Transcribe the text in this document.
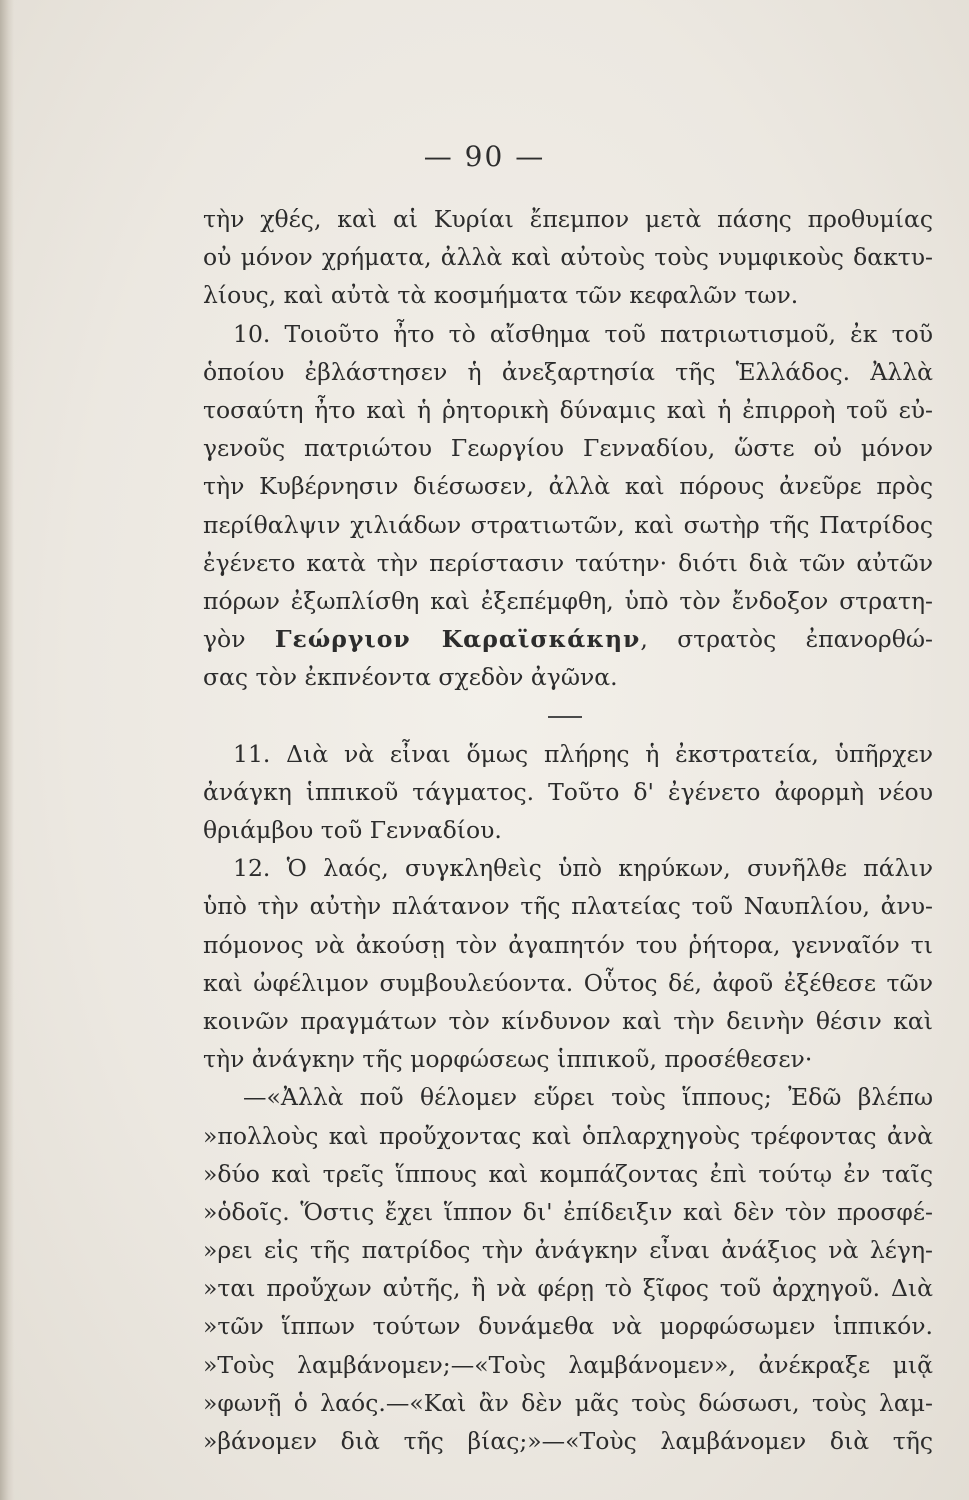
— 90 —
τὴν χθές, καὶ αἱ Κυρίαι ἔπεμπον μετὰ πάσης προθυμίας
οὐ μόνον χρήματα, ἀλλὰ καὶ αὐτοὺς τοὺς νυμφικοὺς δακτυ-
λίους, καὶ αὐτὰ τὰ κοσμήματα τῶν κεφαλῶν των.
10. Τοιοῦτο ἦτο τὸ αἴσθημα τοῦ πατριωτισμοῦ, ἐκ τοῦ
ὁποίου ἐβλάστησεν ἡ ἀνεξαρτησία τῆς Ἑλλάδος. Ἀλλὰ
τοσαύτη ἦτο καὶ ἡ ῥητορικὴ δύναμις καὶ ἡ ἐπιρροὴ τοῦ εὐ-
γενοῦς πατριώτου Γεωργίου Γενναδίου, ὥστε οὐ μόνον
τὴν Κυβέρνησιν διέσωσεν, ἀλλὰ καὶ πόρους ἀνεῦρε πρὸς
περίθαλψιν χιλιάδων στρατιωτῶν, καὶ σωτὴρ τῆς Πατρίδος
ἐγένετο κατὰ τὴν περίστασιν ταύτην· διότι διὰ τῶν αὐτῶν
πόρων ἐξωπλίσθη καὶ ἐξεπέμφθη, ὑπὸ τὸν ἔνδοξον στρατη-
γὸν Γεώργιον Καραϊσκάκην, στρατὸς ἐπανορθώ-
σας τὸν ἐκπνέοντα σχεδὸν ἀγῶνα.
11. Διὰ νὰ εἶναι ὅμως πλήρης ἡ ἐκστρατεία, ὑπῆρχεν
ἀνάγκη ἱππικοῦ τάγματος. Τοῦτο δ' ἐγένετο ἀφορμὴ νέου
θριάμβου τοῦ Γενναδίου.
12. Ὁ λαός, συγκληθεὶς ὑπὸ κηρύκων, συνῆλθε πάλιν
ὑπὸ τὴν αὐτὴν πλάτανον τῆς πλατείας τοῦ Ναυπλίου, ἀνυ-
πόμονος νὰ ἀκούσῃ τὸν ἀγαπητόν του ῥήτορα, γενναῖόν τι
καὶ ὠφέλιμον συμβουλεύοντα. Οὗτος δέ, ἀφοῦ ἐξέθεσε τῶν
κοινῶν πραγμάτων τὸν κίνδυνον καὶ τὴν δεινὴν θέσιν καὶ
τὴν ἀνάγκην τῆς μορφώσεως ἱππικοῦ, προσέθεσεν·
—«Ἀλλὰ ποῦ θέλομεν εὕρει τοὺς ἵππους; Ἐδῶ βλέπω
»πολλοὺς καὶ προὔχοντας καὶ ὁπλαρχηγοὺς τρέφοντας ἀνὰ
»δύο καὶ τρεῖς ἵππους καὶ κομπάζοντας ἐπὶ τούτῳ ἐν ταῖς
»ὁδοῖς. Ὅστις ἔχει ἵππον δι' ἐπίδειξιν καὶ δὲν τὸν προσφέ-
»ρει εἰς τῆς πατρίδος τὴν ἀνάγκην εἶναι ἀνάξιος νὰ λέγη-
»ται προὔχων αὐτῆς, ἢ νὰ φέρῃ τὸ ξῖφος τοῦ ἀρχηγοῦ. Διὰ
»τῶν ἵππων τούτων δυνάμεθα νὰ μορφώσωμεν ἱππικόν.
»Τοὺς λαμβάνομεν;—«Τοὺς λαμβάνομεν», ἀνέκραξε μιᾷ
»φωνῇ ὁ λαός.—«Καὶ ἂν δὲν μᾶς τοὺς δώσωσι, τοὺς λαμ-
»βάνομεν διὰ τῆς βίας;»—«Τοὺς λαμβάνομεν διὰ τῆς
